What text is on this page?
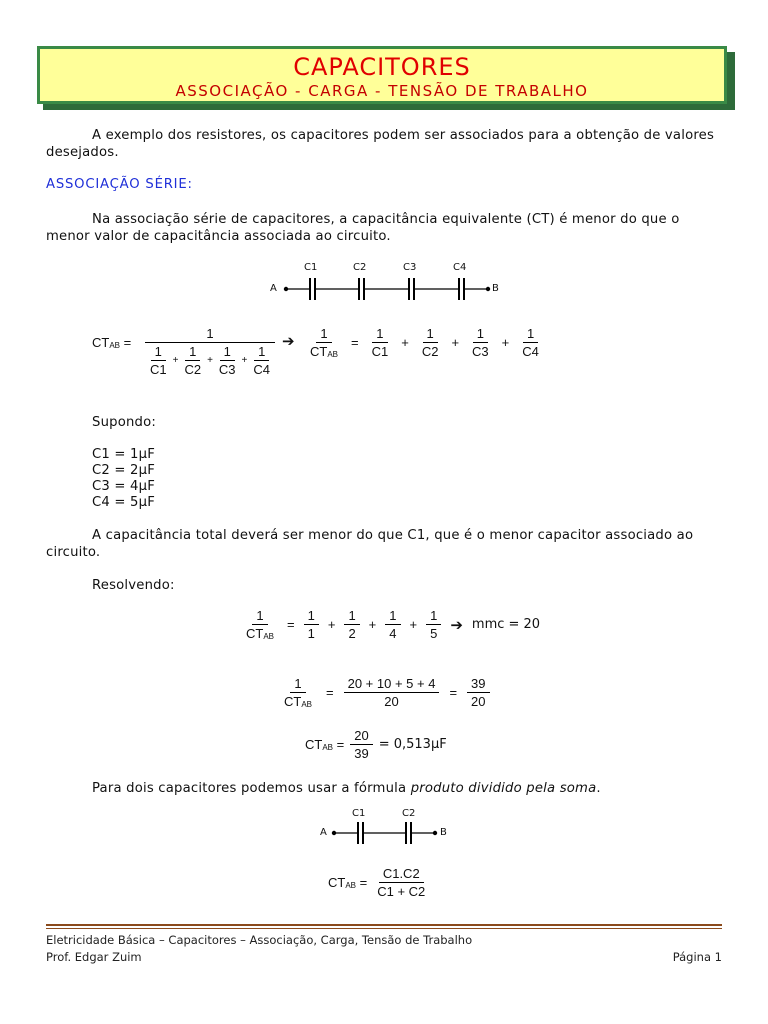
CAPACITORES
ASSOCIAÇÃO - CARGA - TENSÃO DE TRABALHO
A exemplo dos resistores, os capacitores podem ser associados para a obtenção de valores desejados.
ASSOCIAÇÃO SÉRIE:
Na associação série de capacitores, a capacitância equivalente (CT) é menor do que o menor valor de capacitância associada ao circuito.
A	B
C1	C2	C3	C4
CTAB =
1
$\frac{1}{C1} + \frac{1}{C2} + \frac{1}{C3} + \frac{1}{C4}$
➔ $\frac{1}{\text{CTAB}} = \frac{1}{C1} + \frac{1}{C2} + \frac{1}{C3} + \frac{1}{C4}$
Supondo:
C1 = 1μF
C2 = 2μF
C3 = 4μF
C4 = 5μF
A capacitância total deverá ser menor do que C1, que é o menor capacitor associado ao circuito.
Resolvendo:
$\frac{1}{\text{CTAB}} = \frac{1}{1} + \frac{1}{2} + \frac{1}{4} + \frac{1}{5}$ ➔ mmc = 20
$\frac{1}{\text{CTAB}} = \frac{20 + 10 + 5 + 4}{20} = \frac{39}{20}$
CTAB = $\frac{20}{39} = 0,513\mu F$
Para dois capacitores podemos usar a fórmula produto dividido pela soma.
A	B
C1	C2
CTAB = $\frac{C1.C2}{C1 + C2}$
Eletricidade Básica – Capacitores – Associação, Carga, Tensão de Trabalho
Prof. Edgar Zuim	Página 1
